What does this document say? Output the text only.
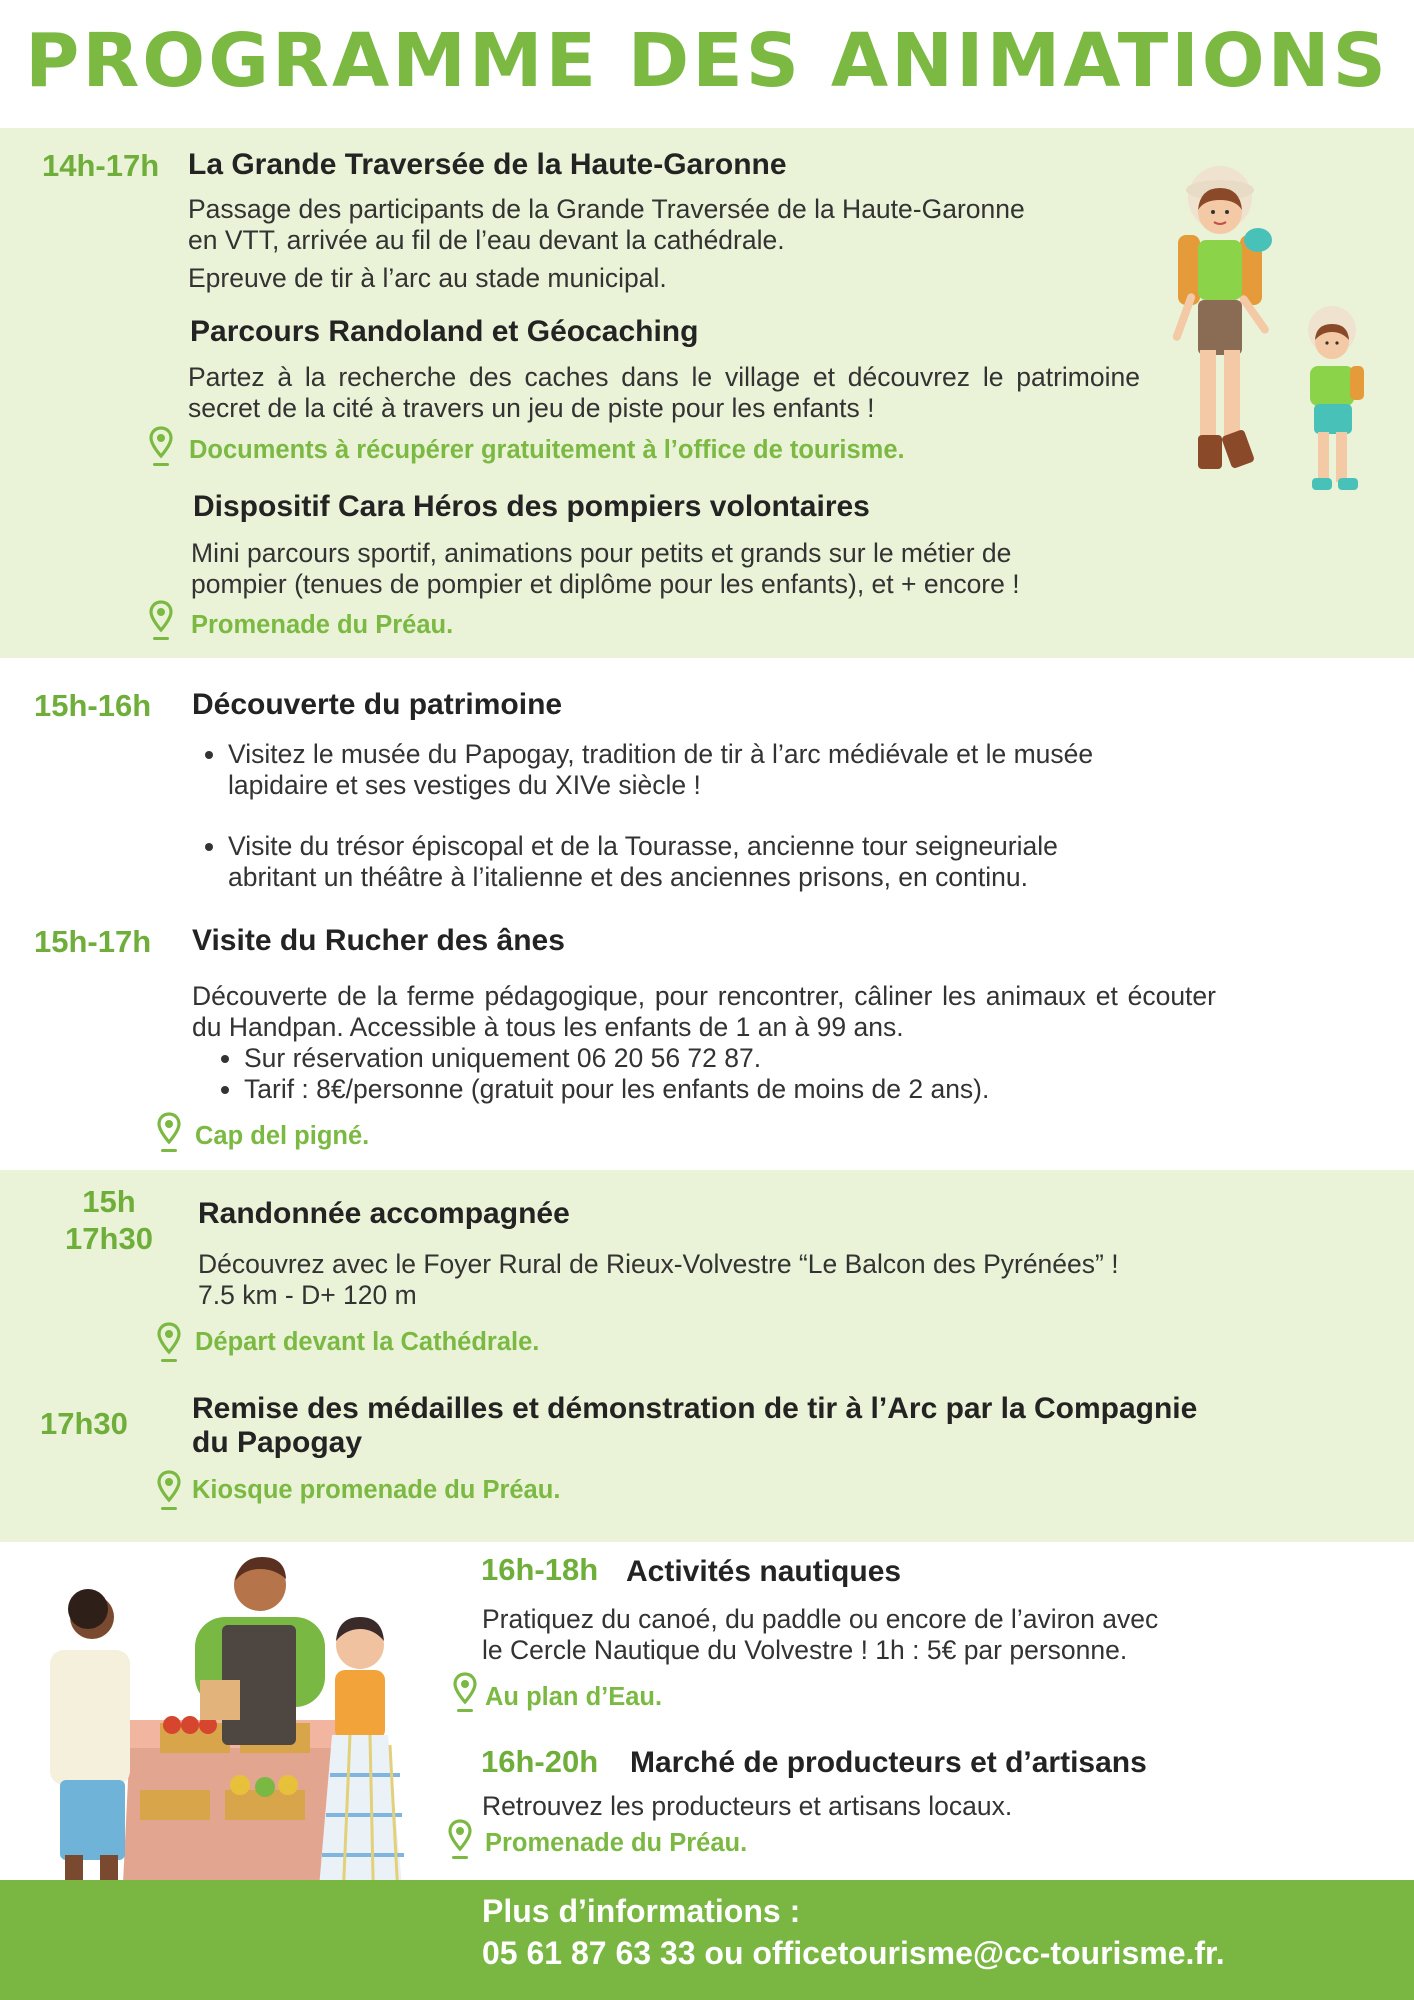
PROGRAMME DES ANIMATIONS
14h-17h La Grande Traversée de la Haute-Garonne

Passage des participants de la Grande Traversée de la Haute-Garonne

en VTT, arrivée au fil de l’eau devant la cathédrale.

Epreuve de tir à l’arc au stade municipal.

Parcours Randoland et Géocaching
Partez à la recherche des caches dans le village et découvrez le patrimoine secret de la cité à travers un jeu de piste pour les enfants !
Documents à récupérer gratuitement à l’office de tourisme.
Dispositif Cara Héros des pompiers volontaires

Mini parcours sportif, animations pour petits et grands sur le métier de

pompier (tenues de pompier et diplôme pour les enfants), et + encore !

Promenade du Préau.
15h-16h Découverte du patrimoine
• Visitez le musée du Papogay, tradition de tir à l’arc médiévale et le musée
lapidaire et ses vestiges du XIVe siècle !
• Visite du trésor épiscopal et de la Tourasse, ancienne tour seigneuriale
abritant un théâtre à l’italienne et des anciennes prisons, en continu.
15h-17h Visite du Rucher des ânes
Découverte de la ferme pédagogique, pour rencontrer, câliner les animaux et écouter du Handpan. Accessible à tous les enfants de 1 an à 99 ans.
• Sur réservation uniquement 06 20 56 72 87.
• Tarif : 8€/personne (gratuit pour les enfants de moins de 2 ans).
Cap del pigné.
15h
17h30
Randonnée accompagnée

Découvrez avec le Foyer Rural de Rieux-Volvestre “Le Balcon des Pyrénées” !

7.5 km - D+ 120 m

Départ devant la Cathédrale.
17h30 Remise des médailles et démonstration de tir à l’Arc par la Compagnie
du Papogay
Kiosque promenade du Préau.
16h-18h Activités nautiques

Pratiquez du canoé, du paddle ou encore de l’aviron avec

le Cercle Nautique du Volvestre ! 1h : 5€ par personne.

Au plan d’Eau.
16h-20h Marché de producteurs et d’artisans
Retrouvez les producteurs et artisans locaux.
Promenade du Préau.
Plus d’informations :
05 61 87 63 33 ou officetourisme@cc-tourisme.fr.
